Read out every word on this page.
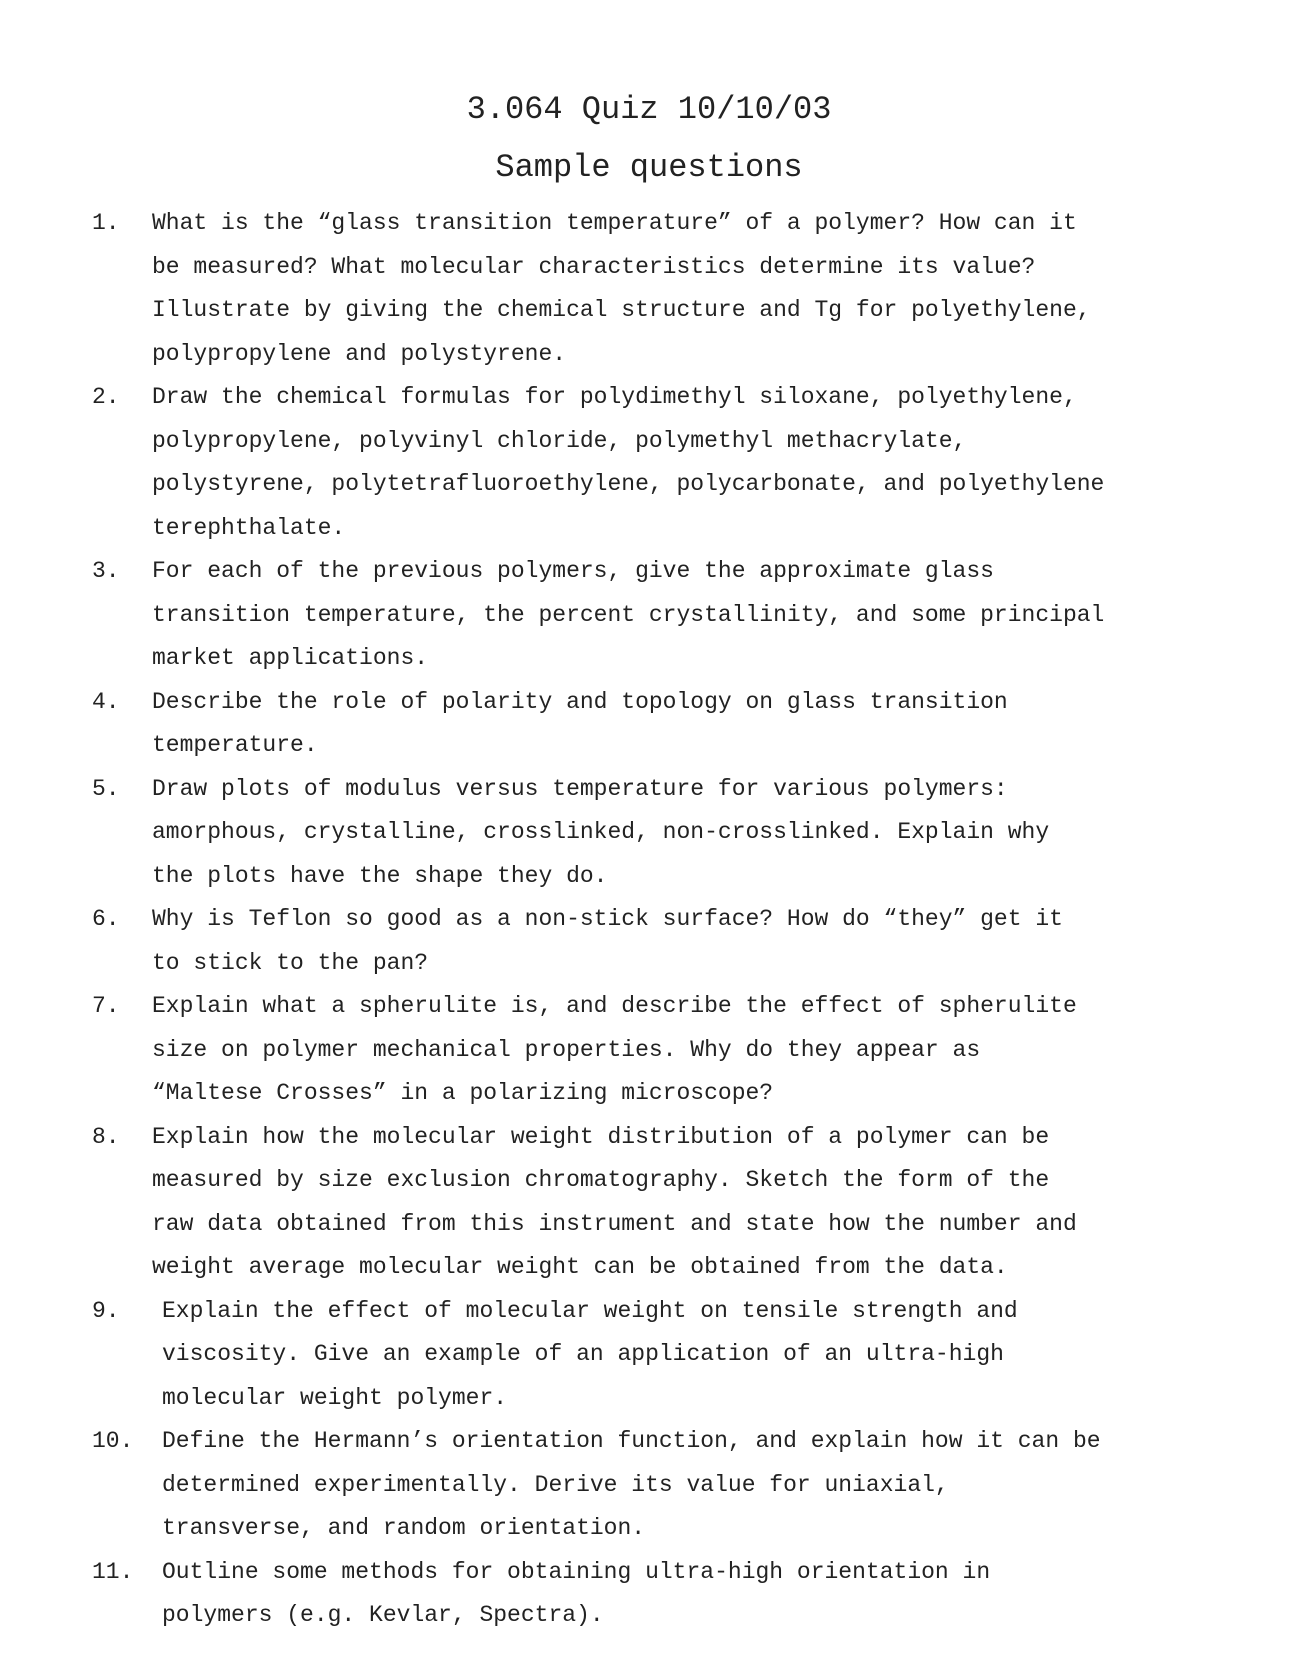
3.064 Quiz 10/10/03
Sample questions
1. What is the “glass transition temperature” of a polymer? How can it
be measured? What molecular characteristics determine its value?
Illustrate by giving the chemical structure and Tg for polyethylene,
polypropylene and polystyrene.
2. Draw the chemical formulas for polydimethyl siloxane, polyethylene,
polypropylene, polyvinyl chloride, polymethyl methacrylate,
polystyrene, polytetrafluoroethylene, polycarbonate, and polyethylene
terephthalate.
3. For each of the previous polymers, give the approximate glass
transition temperature, the percent crystallinity, and some principal
market applications.
4. Describe the role of polarity and topology on glass transition
temperature.
5. Draw plots of modulus versus temperature for various polymers:
amorphous, crystalline, crosslinked, non-crosslinked. Explain why
the plots have the shape they do.
6. Why is Teflon so good as a non-stick surface? How do “they” get it
to stick to the pan?
7. Explain what a spherulite is, and describe the effect of spherulite
size on polymer mechanical properties. Why do they appear as
“Maltese Crosses” in a polarizing microscope?
8. Explain how the molecular weight distribution of a polymer can be
measured by size exclusion chromatography. Sketch the form of the
raw data obtained from this instrument and state how the number and
weight average molecular weight can be obtained from the data.
9. Explain the effect of molecular weight on tensile strength and
viscosity. Give an example of an application of an ultra-high
molecular weight polymer.
10. Define the Hermann’s orientation function, and explain how it can be
determined experimentally. Derive its value for uniaxial,
transverse, and random orientation.
11. Outline some methods for obtaining ultra-high orientation in
polymers (e.g. Kevlar, Spectra).
